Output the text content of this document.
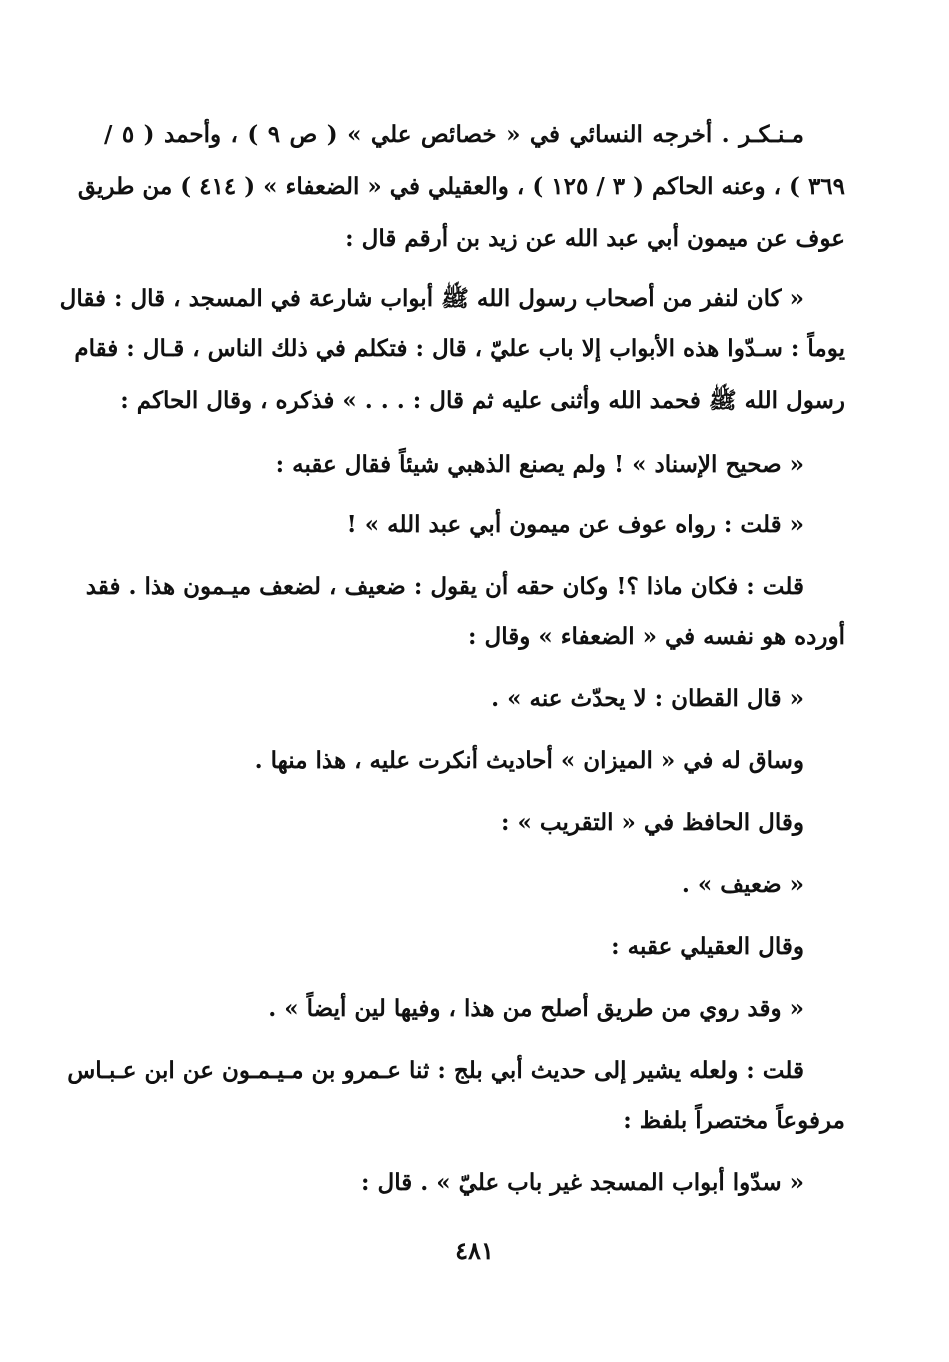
مـنـكـر . أخرجه النسائي في « خصائص علي » ( ص ٩ ) ، وأحمد ( ٥ /
٣٦٩ ) ، وعنه الحاكم ( ٣ / ١٢٥ ) ، والعقيلي في « الضعفاء » ( ٤١٤ ) من طريق
عوف عن ميمون أبي عبد الله عن زيد بن أرقم قال :
« كان لنفر من أصحاب رسول الله ﷺ أبواب شارعة في المسجد ، قال : فقال
يوماً : سـدّوا هذه الأبواب إلا باب عليّ ، قال : فتكلم في ذلك الناس ، قـال : فقام
رسول الله ﷺ فحمد الله وأثنى عليه ثم قال : . . . » فذكره ، وقال الحاكم :
« صحيح الإسناد » ! ولم يصنع الذهبي شيئاً فقال عقبه :
« قلت : رواه عوف عن ميمون أبي عبد الله » !
قلت : فكان ماذا ؟! وكان حقه أن يقول : ضعيف ، لضعف ميـمون هذا . فقد
أورده هو نفسه في « الضعفاء » وقال :
« قال القطان : لا يحدّث عنه » .
وساق له في « الميزان » أحاديث أنكرت عليه ، هذا منها .
وقال الحافظ في « التقريب » :
« ضعيف » .
وقال العقيلي عقبه :
« وقد روي من طريق أصلح من هذا ، وفيها لين أيضاً » .
قلت : ولعله يشير إلى حديث أبي بلج : ثنا عـمرو بن مـيـمـون عن ابن عـبـاس
مرفوعاً مختصراً بلفظ :
« سدّوا أبواب المسجد غير باب عليّ » . قال :
٤٨١
